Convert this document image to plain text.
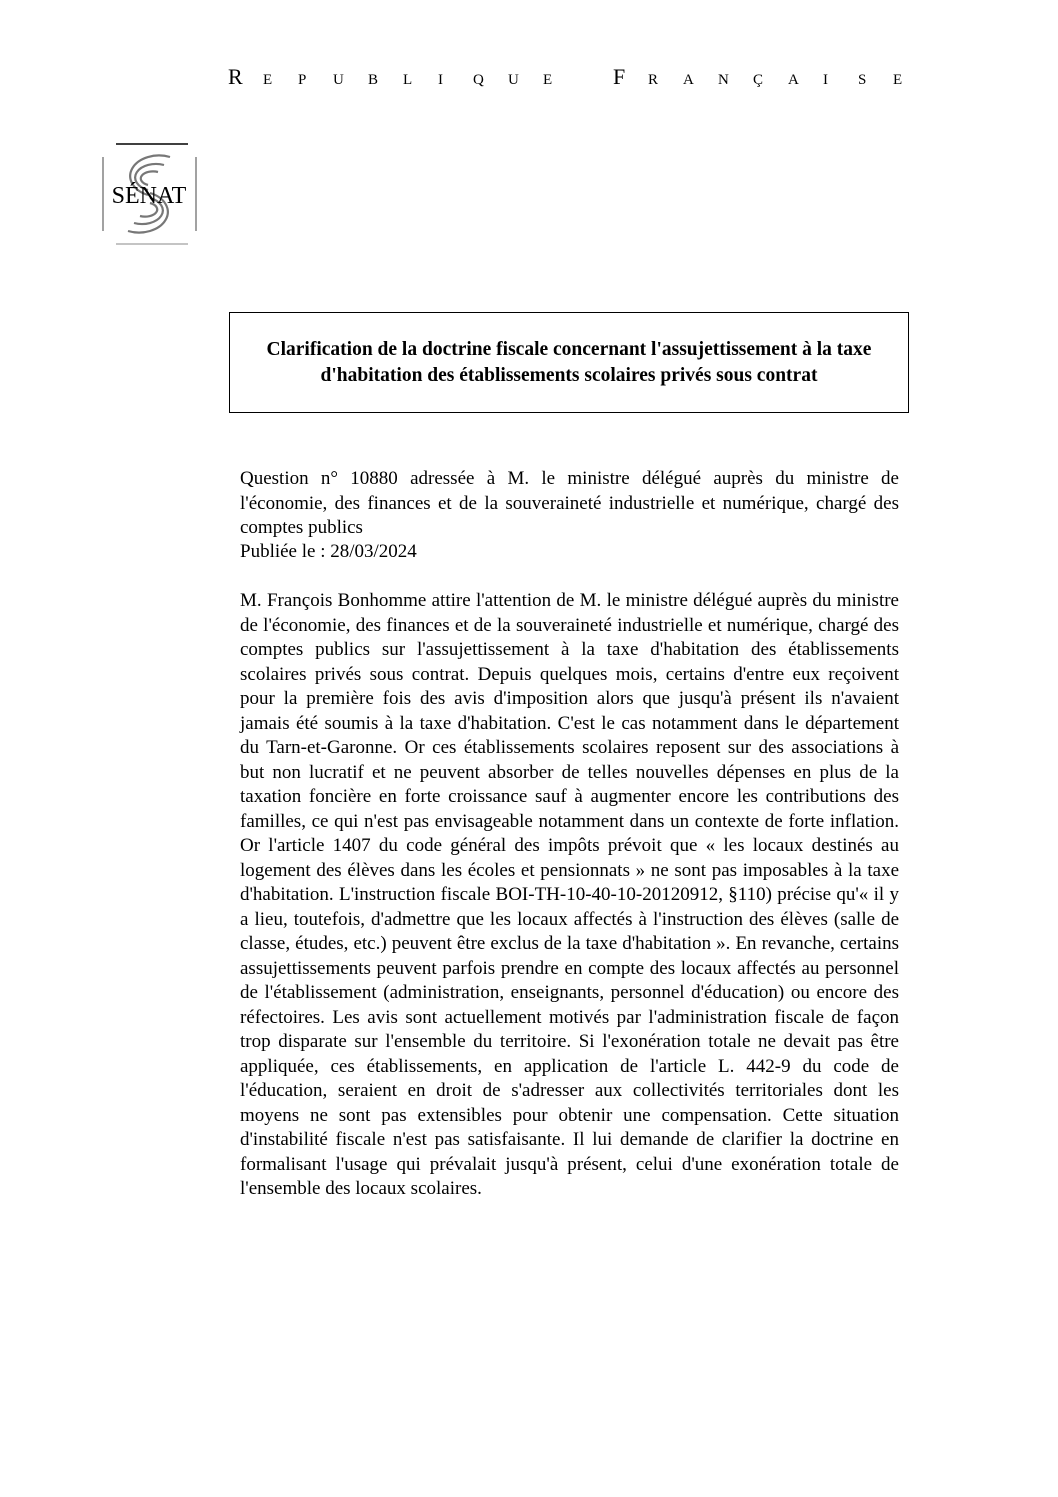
R E P U B L I Q U E	F R A N Ç A I S E
SÉNAT
Clarification de la doctrine fiscale concernant l'assujettissement à la taxe d'habitation des établissements scolaires privés sous contrat
Question n° 10880 adressée à M. le ministre délégué auprès du ministre de l'économie, des finances et de la souveraineté industrielle et numérique, chargé des comptes publics
Publiée le : 28/03/2024
M. François Bonhomme attire l'attention de M. le ministre délégué auprès du ministre de l'économie, des finances et de la souveraineté industrielle et numérique, chargé des comptes publics sur l'assujettissement à la taxe d'habitation des établissements scolaires privés sous contrat. Depuis quelques mois, certains d'entre eux reçoivent pour la première fois des avis d'imposition alors que jusqu'à présent ils n'avaient jamais été soumis à la taxe d'habitation. C'est le cas notamment dans le département du Tarn-et-Garonne. Or ces établissements scolaires reposent sur des associations à but non lucratif et ne peuvent absorber de telles nouvelles dépenses en plus de la taxation foncière en forte croissance sauf à augmenter encore les contributions des familles, ce qui n'est pas envisageable notamment dans un contexte de forte inflation. Or l'article 1407 du code général des impôts prévoit que « les locaux destinés au logement des élèves dans les écoles et pensionnats » ne sont pas imposables à la taxe d'habitation. L'instruction fiscale BOI-TH-10-40-10-20120912, §110) précise qu'« il y a lieu, toutefois, d'admettre que les locaux affectés à l'instruction des élèves (salle de classe, études, etc.) peuvent être exclus de la taxe d'habitation ». En revanche, certains assujettissements peuvent parfois prendre en compte des locaux affectés au personnel de l'établissement (administration, enseignants, personnel d'éducation) ou encore des réfectoires. Les avis sont actuellement motivés par l'administration fiscale de façon trop disparate sur l'ensemble du territoire. Si l'exonération totale ne devait pas être appliquée, ces établissements, en application de l'article L. 442-9 du code de l'éducation, seraient en droit de s'adresser aux collectivités territoriales dont les moyens ne sont pas extensibles pour obtenir une compensation. Cette situation d'instabilité fiscale n'est pas satisfaisante. Il lui demande de clarifier la doctrine en formalisant l'usage qui prévalait jusqu'à présent, celui d'une exonération totale de l'ensemble des locaux scolaires.
